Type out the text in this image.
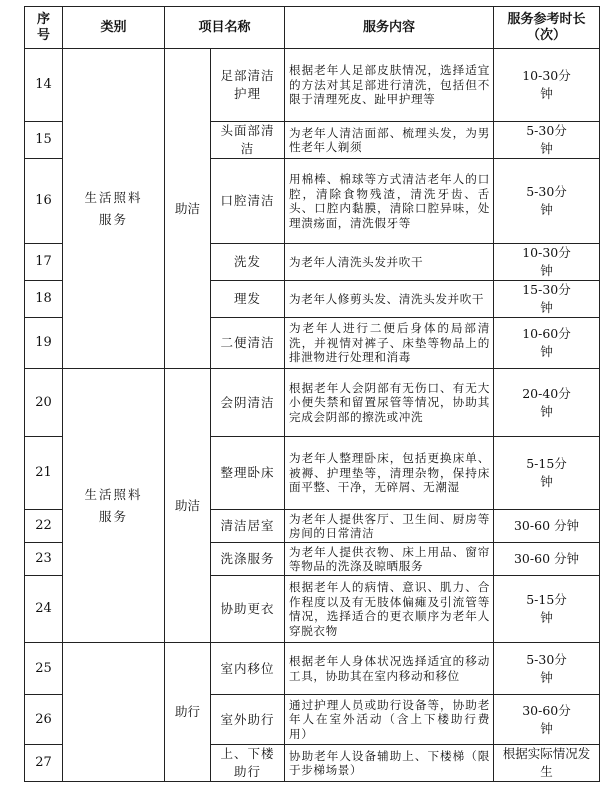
序号	类别	项目名称		服务内容	服务参考时长（次）
14	生活照料服务	助洁	足部清洁护理	根据老年人足部皮肤情况，选择适宜的方法对其足部进行清洗，包括但不限于清理死皮、趾甲护理等	10-30分钟

15			头面部清洁	为老年人清洁面部、梳理头发，为男性老年人剃须	5-30分钟

16			口腔清洁	用棉棒、棉球等方式清洁老年人的口腔，清除食物残渣，清洗牙齿、舌头、口腔内黏膜，清除口腔异味，处理溃疡面，清洗假牙等	5-30分钟

17			洗发	为老年人清洗头发并吹干	10-30分钟

18			理发	为老年人修剪头发、清洗头发并吹干	15-30分钟

19			二便清洁	为老年人进行二便后身体的局部清洗，并视情对裤子、床垫等物品上的排泄物进行处理和消毒	10-60分钟

20	生活照料服务	助洁	会阴清洁	根据老年人会阴部有无伤口、有无大小便失禁和留置尿管等情况，协助其完成会阴部的擦洗或冲洗	20-40分钟

21			整理卧床	为老年人整理卧床，包括更换床单、被褥、护理垫等，清理杂物，保持床面平整、干净，无碎屑、无潮湿	5-15分钟

22			清洁居室	为老年人提供客厅、卫生间、厨房等房间的日常清洁	30-60 分钟
23			洗涤服务	为老年人提供衣物、床上用品、窗帘等物品的洗涤及晾晒服务	30-60 分钟
24			协助更衣	根据老年人的病情、意识、肌力、合作程度以及有无肢体偏瘫及引流管等情况，选择适合的更衣顺序为老年人穿脱衣物	5-15分钟

25		助行	室内移位	根据老年人身体状况选择适宜的移动工具，协助其在室内移动和移位	5-30分钟

26			室外助行	通过护理人员或助行设备等，协助老年人在室外活动（含上下楼助行费用）	30-60分钟

27			上、下楼助行	协助老年人设备辅助上、下楼梯（限于步梯场景）	根据实际情况发生
